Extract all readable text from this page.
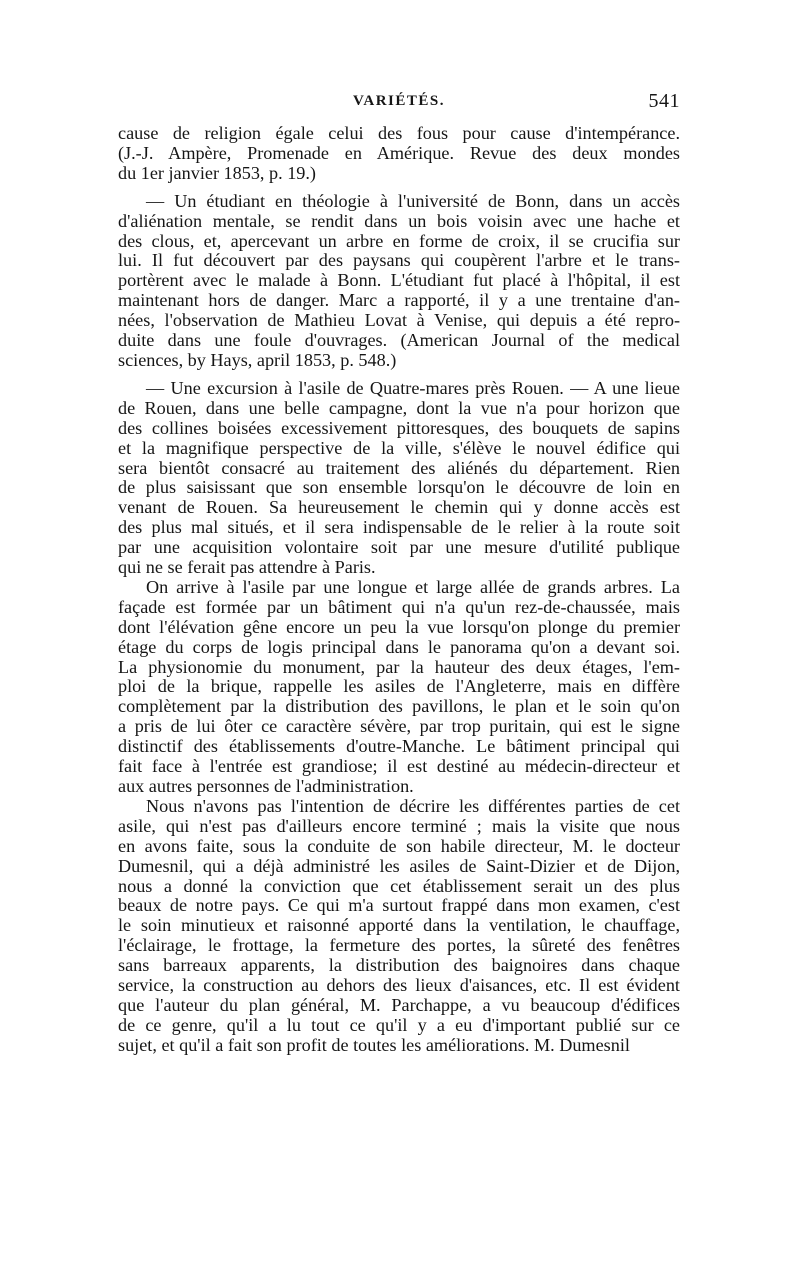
VARIÉTÉS.	541

cause de religion égale celui des fous pour cause d'intempérance.
(J.-J. Ampère, Promenade en Amérique. Revue des deux mondes
du 1er janvier 1853, p. 19.)

— Un étudiant en théologie à l'université de Bonn, dans un accès
d'aliénation mentale, se rendit dans un bois voisin avec une hache et
des clous, et, apercevant un arbre en forme de croix, il se crucifia sur
lui. Il fut découvert par des paysans qui coupèrent l'arbre et le trans-
portèrent avec le malade à Bonn. L'étudiant fut placé à l'hôpital, il est
maintenant hors de danger. Marc a rapporté, il y a une trentaine d'an-
nées, l'observation de Mathieu Lovat à Venise, qui depuis a été repro-
duite dans une foule d'ouvrages. (American Journal of the medical
sciences, by Hays, april 1853, p. 548.)

— Une excursion à l'asile de Quatre-mares près Rouen. — A une lieue
de Rouen, dans une belle campagne, dont la vue n'a pour horizon que
des collines boisées excessivement pittoresques, des bouquets de sapins
et la magnifique perspective de la ville, s'élève le nouvel édifice qui
sera bientôt consacré au traitement des aliénés du département. Rien
de plus saisissant que son ensemble lorsqu'on le découvre de loin en
venant de Rouen. Sa heureusement le chemin qui y donne accès est
des plus mal situés, et il sera indispensable de le relier à la route soit
par une acquisition volontaire soit par une mesure d'utilité publique
qui ne se ferait pas attendre à Paris.

On arrive à l'asile par une longue et large allée de grands arbres. La
façade est formée par un bâtiment qui n'a qu'un rez-de-chaussée, mais
dont l'élévation gêne encore un peu la vue lorsqu'on plonge du premier
étage du corps de logis principal dans le panorama qu'on a devant soi.
La physionomie du monument, par la hauteur des deux étages, l'em-
ploi de la brique, rappelle les asiles de l'Angleterre, mais en diffère
complètement par la distribution des pavillons, le plan et le soin qu'on
a pris de lui ôter ce caractère sévère, par trop puritain, qui est le signe
distinctif des établissements d'outre-Manche. Le bâtiment principal qui
fait face à l'entrée est grandiose; il est destiné au médecin-directeur et
aux autres personnes de l'administration.

Nous n'avons pas l'intention de décrire les différentes parties de cet
asile, qui n'est pas d'ailleurs encore terminé ; mais la visite que nous
en avons faite, sous la conduite de son habile directeur, M. le docteur
Dumesnil, qui a déjà administré les asiles de Saint-Dizier et de Dijon,
nous a donné la conviction que cet établissement serait un des plus
beaux de notre pays. Ce qui m'a surtout frappé dans mon examen, c'est
le soin minutieux et raisonné apporté dans la ventilation, le chauffage,
l'éclairage, le frottage, la fermeture des portes, la sûreté des fenêtres
sans barreaux apparents, la distribution des baignoires dans chaque
service, la construction au dehors des lieux d'aisances, etc. Il est évident
que l'auteur du plan général, M. Parchappe, a vu beaucoup d'édifices
de ce genre, qu'il a lu tout ce qu'il y a eu d'important publié sur ce
sujet, et qu'il a fait son profit de toutes les améliorations. M. Dumesnil
